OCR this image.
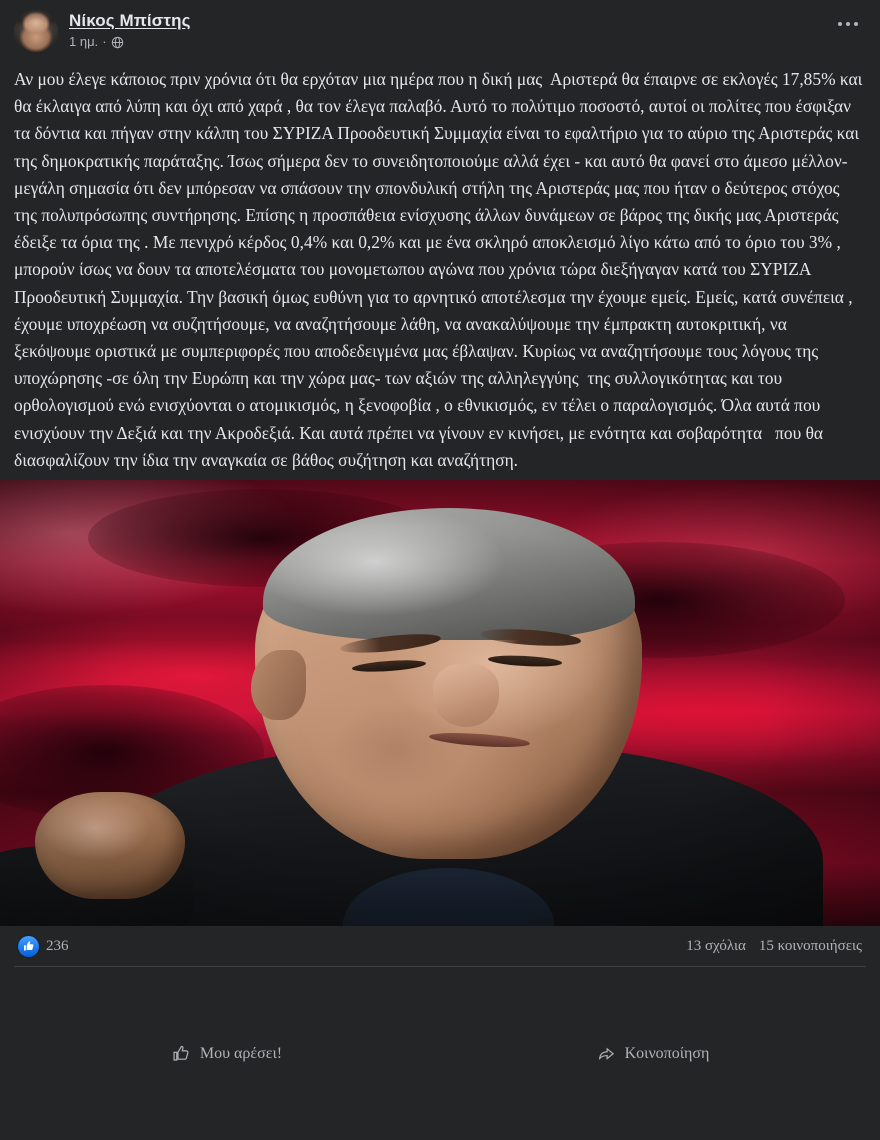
Νίκος Μπίστης
1 ημ. ·
Αν μου έλεγε κάποιος πριν χρόνια ότι θα ερχόταν μια ημέρα που η δική μας  Αριστερά θα έπαιρνε σε εκλογές 17,85% και θα έκλαιγα από λύπη και όχι από χαρά , θα τον έλεγα παλαβό. Αυτό το πολύτιμο ποσοστό, αυτοί οι πολίτες που έσφιξαν τα δόντια και πήγαν στην κάλπη του ΣΥΡΙΖΑ Προοδευτική Συμμαχία είναι το εφαλτήριο για το αύριο της Αριστεράς και της δημοκρατικής παράταξης. Ίσως σήμερα δεν το συνειδητοποιούμε αλλά έχει - και αυτό θα φανεί στο άμεσο μέλλον- μεγάλη σημασία ότι δεν μπόρεσαν να σπάσουν την σπονδυλική στήλη της Αριστεράς μας που ήταν ο δεύτερος στόχος της πολυπρόσωπης συντήρησης. Επίσης η προσπάθεια ενίσχυσης άλλων δυνάμεων σε βάρος της δικής μας Αριστεράς έδειξε τα όρια της . Με πενιχρό κέρδος 0,4% και 0,2% και με ένα σκληρό αποκλεισμό λίγο κάτω από το όριο του 3% , μπορούν ίσως να δουν τα αποτελέσματα του μονομετωπου αγώνα που χρόνια τώρα διεξήγαγαν κατά του ΣΥΡΙΖΑ Προοδευτική Συμμαχία. Την βασική όμως ευθύνη για το αρνητικό αποτέλεσμα την έχουμε εμείς. Εμείς, κατά συνέπεια , έχουμε υποχρέωση να συζητήσουμε, να αναζητήσουμε λάθη, να ανακαλύψουμε την έμπρακτη αυτοκριτική, να ξεκόψουμε οριστικά με συμπεριφορές που αποδεδειγμένα μας έβλαψαν. Κυρίως να αναζητήσουμε τους λόγους της υποχώρησης -σε όλη την Ευρώπη και την χώρα μας- των αξιών της αλληλεγγύης  της συλλογικότητας και του ορθολογισμού ενώ ενισχύονται ο ατομικισμός, η ξενοφοβία , ο εθνικισμός, εν τέλει ο παραλογισμός. Όλα αυτά που ενισχύουν την Δεξιά και την Ακροδεξιά. Και αυτά πρέπει να γίνουν εν κινήσει, με ενότητα και σοβαρότητα   που θα διασφαλίζουν την ίδια την αναγκαία σε βάθος συζήτηση και αναζήτηση.
236	13 σχόλια 15 κοινοποιήσεις
Μου αρέσει!	Κοινοποίηση
